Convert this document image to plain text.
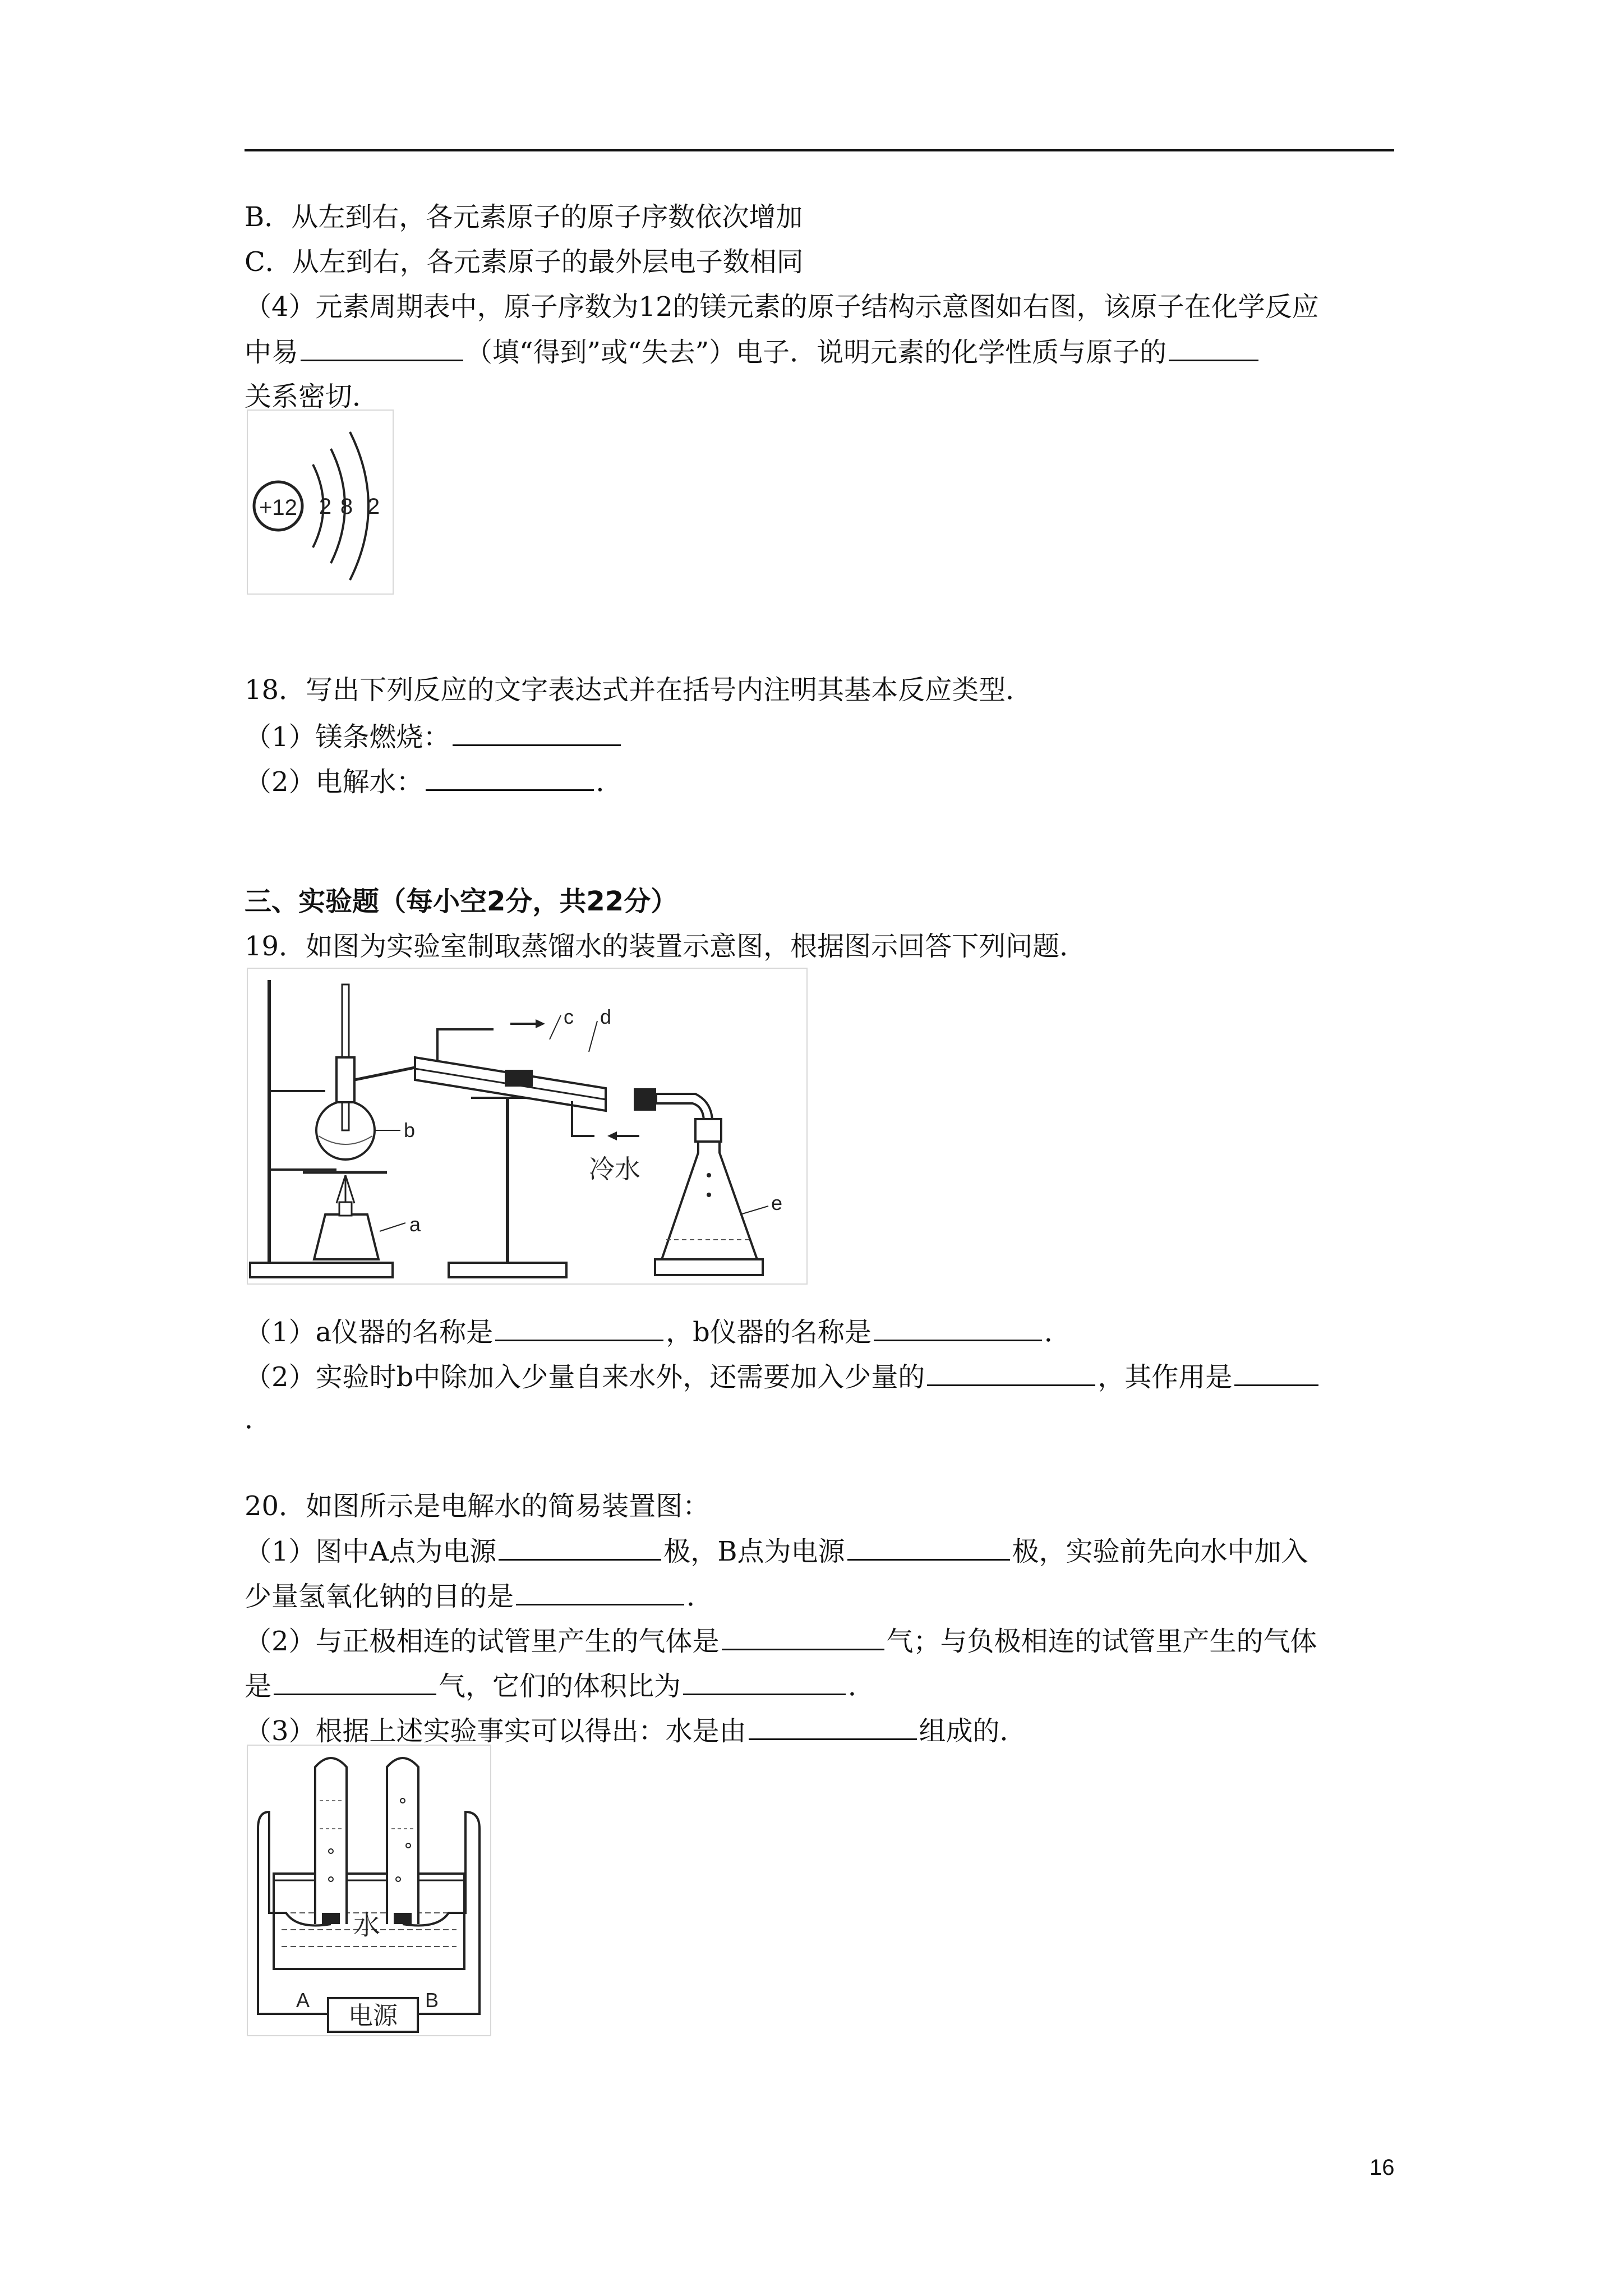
B．从左到右，各元素原子的原子序数依次增加
C．从左到右，各元素原子的最外层电子数相同
（4）元素周期表中，原子序数为12的镁元素的原子结构示意图如右图，该原子在化学反应
中易	（填“得到”或“失去”）电子．说明元素的化学性质与原子的
关系密切．
+12 2 8 2
18．写出下列反应的文字表达式并在括号内注明其基本反应类型．
（1）镁条燃烧：
（2）电解水：	．
三、实验题（每小空2分，共22分）
19．如图为实验室制取蒸馏水的装置示意图，根据图示回答下列问题．
b
a
c d
冷水
e
（1）a仪器的名称是	，b仪器的名称是	．
（2）实验时b中除加入少量自来水外，还需要加入少量的	，其作用是
．
20．如图所示是电解水的简易装置图：
（1）图中A点为电源	极，B点为电源	极，实验前先向水中加入
少量氢氧化钠的目的是	．
（2）与正极相连的试管里产生的气体是	气；与负极相连的试管里产生的气体
是	气，它们的体积比为	．
（3）根据上述实验事实可以得出：水是由	组成的．
水
A	B
电源
16
